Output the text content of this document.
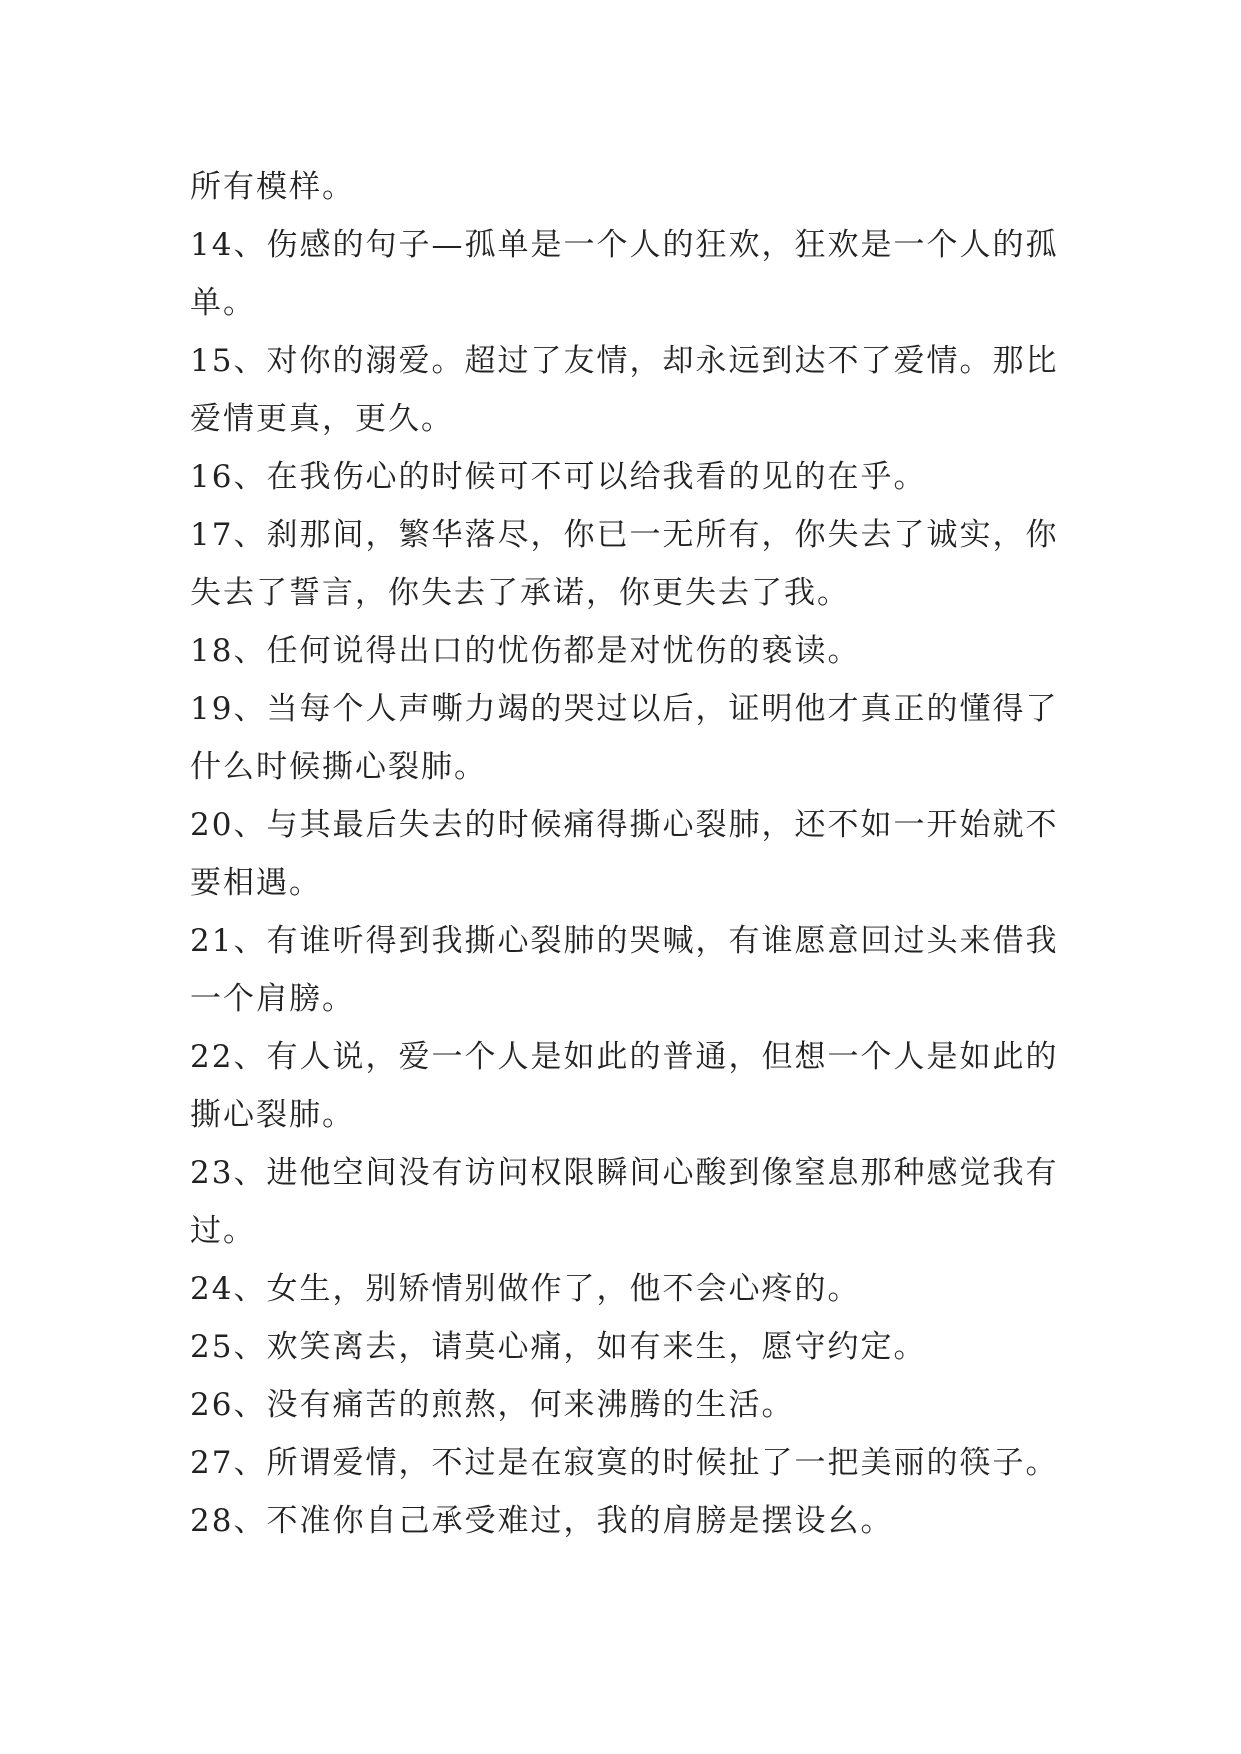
所有模样。
14、伤感的句子—孤单是一个人的狂欢，狂欢是一个人的孤
单。
15、对你的溺爱。超过了友情，却永远到达不了爱情。那比
爱情更真，更久。
16、在我伤心的时候可不可以给我看的见的在乎。
17、刹那间，繁华落尽，你已一无所有，你失去了诚实，你
失去了誓言，你失去了承诺，你更失去了我。
18、任何说得出口的忧伤都是对忧伤的亵读。
19、当每个人声嘶力竭的哭过以后，证明他才真正的懂得了
什么时候撕心裂肺。
20、与其最后失去的时候痛得撕心裂肺，还不如一开始就不
要相遇。
21、有谁听得到我撕心裂肺的哭喊，有谁愿意回过头来借我
一个肩膀。
22、有人说，爱一个人是如此的普通，但想一个人是如此的
撕心裂肺。
23、进他空间没有访问权限瞬间心酸到像窒息那种感觉我有
过。
24、女生，别矫情别做作了，他不会心疼的。
25、欢笑离去，请莫心痛，如有来生，愿守约定。
26、没有痛苦的煎熬，何来沸腾的生活。
27、所谓爱情，不过是在寂寞的时候扯了一把美丽的筷子。
28、不准你自己承受难过，我的肩膀是摆设幺。
